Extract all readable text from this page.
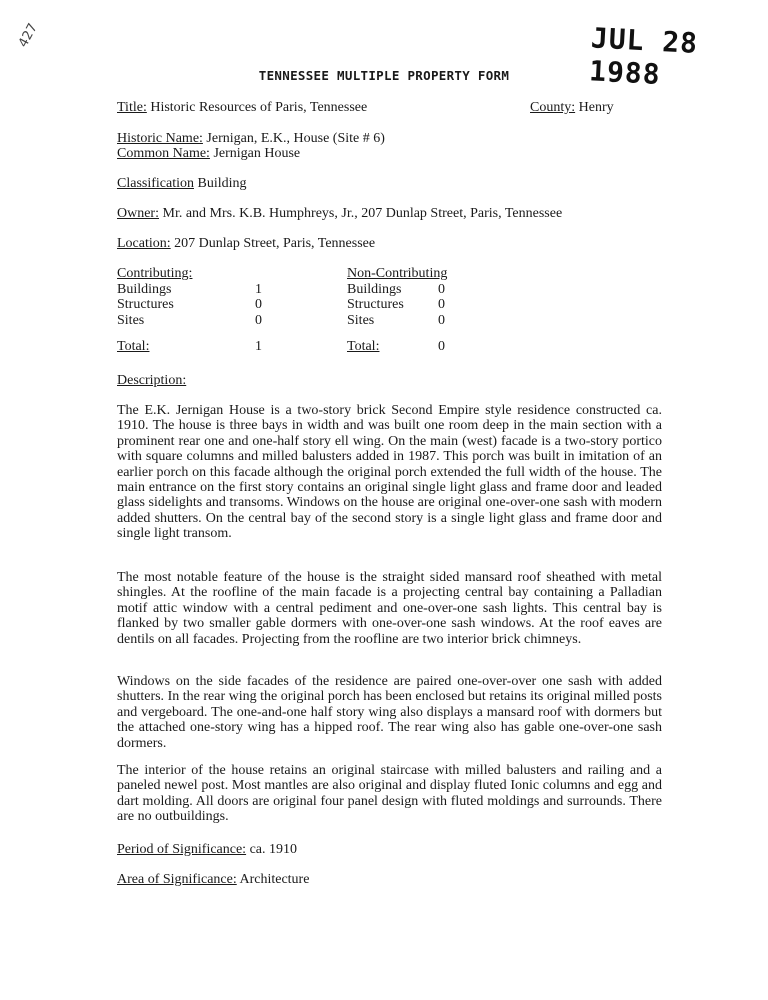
427	JUL 28 1988
TENNESSEE MULTIPLE PROPERTY FORM
Title: Historic Resources of Paris, Tennessee	County: Henry
Historic Name: Jernigan, E.K., House (Site # 6)
Common Name: Jernigan House
Classification Building
Owner: Mr. and Mrs. K.B. Humphreys, Jr., 207 Dunlap Street, Paris, Tennessee
Location: 207 Dunlap Street, Paris, Tennessee
Contributing:
Buildings	1
Structures	0
Sites	0
Total:	1
Non-Contributing
Buildings	0
Structures 0
Sites	0
Total:	0
Description:

The E.K. Jernigan House is a two-story brick Second Empire style residence constructed ca. 1910. The house is three bays in width and was built one room deep in the main section with a prominent rear one and one-half story ell wing. On the main (west) facade is a two-story portico with square columns and milled balusters added in 1987. This porch was built in imitation of an earlier porch on this facade although the original porch extended the full width of the house. The main entrance on the first story contains an original single light glass and frame door and leaded glass sidelights and transoms. Windows on the house are original one-over-one sash with modern added shutters. On the central bay of the second story is a single light glass and frame door and single light transom.

The most notable feature of the house is the straight sided mansard roof sheathed with metal shingles. At the roofline of the main facade is a projecting central bay containing a Palladian motif attic window with a central pediment and one-over-one sash lights. This central bay is flanked by two smaller gable dormers with one-over-one sash windows. At the roof eaves are dentils on all facades. Projecting from the roofline are two interior brick chimneys.

Windows on the side facades of the residence are paired one-over-over one sash with added shutters. In the rear wing the original porch has been enclosed but retains its original milled posts and vergeboard. The one-and-one half story wing also displays a mansard roof with dormers but the attached one-story wing has a hipped roof. The rear wing also has gable one-over-one sash dormers.

The interior of the house retains an original staircase with milled balusters and railing and a paneled newel post. Most mantles are also original and display fluted Ionic columns and egg and dart molding. All doors are original four panel design with fluted moldings and surrounds. There are no outbuildings.

Period of Significance: ca. 1910
Area of Significance: Architecture
